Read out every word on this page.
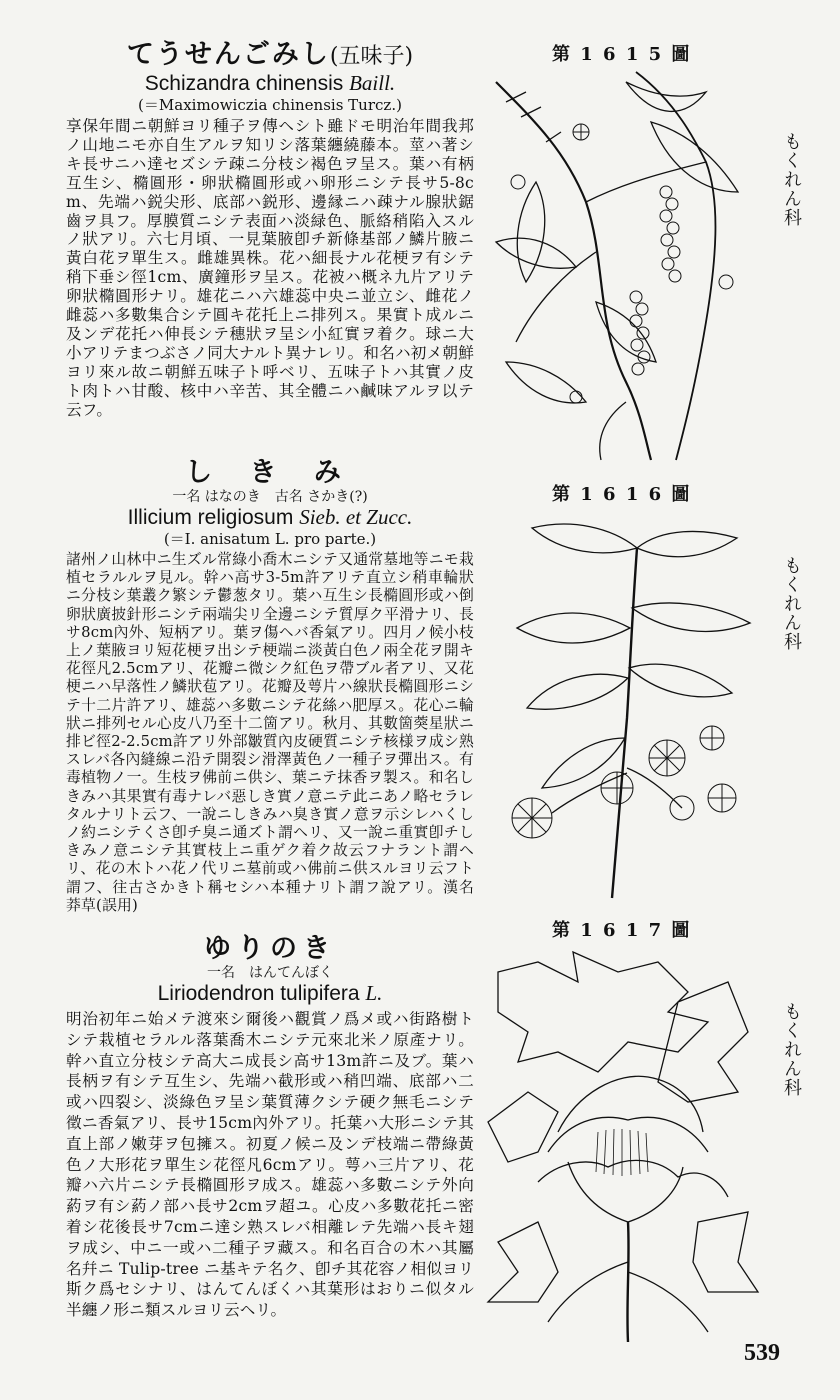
てうせんごみし(五味子)
Schizandra chinensis Baill.
(＝Maximowiczia chinensis Turcz.)
享保年間ニ朝鮮ヨリ種子ヲ傳ヘシト雖ドモ明治年間我邦ノ山地ニモ亦自生アルヲ知リシ落葉纏繞藤本。莖ハ著シキ長サニハ達セズシテ疎ニ分枝シ褐色ヲ呈ス。葉ハ有柄互生シ、橢圓形・卵狀橢圓形或ハ卵形ニシテ長サ5-8cm、先端ハ鋭尖形、底部ハ鋭形、邊縁ニハ疎ナル腺狀鋸齒ヲ具フ。厚膜質ニシテ表面ハ淡緑色、脈絡稍陷入スルノ狀アリ。六七月頃、一見葉腋卽チ新條基部ノ鱗片腋ニ黃白花ヲ單生ス。雌雄異株。花ハ細長ナル花梗ヲ有シテ稍下垂シ徑1cm、廣鐘形ヲ呈ス。花被ハ概ネ九片アリテ卵狀橢圓形ナリ。雄花ニハ六雄蕊中央ニ並立シ、雌花ノ雌蕊ハ多數集合シテ圓キ花托上ニ排列ス。果實ト成ルニ及ンデ花托ハ伸長シテ穗狀ヲ呈シ小紅實ヲ着ク。球ニ大小アリテまつぶさノ同大ナルト異ナレリ。和名ハ初メ朝鮮ヨリ來ル故ニ朝鮮五味子ト呼ベリ、五味子トハ其實ノ皮ト肉トハ甘酸、核中ハ辛苦、其全體ニハ鹹味アルヲ以テ云フ。
し き み
一名 はなのき　古名 さかき(?)
Illicium religiosum Sieb. et Zucc.
(＝I. anisatum L. pro parte.)
諸州ノ山林中ニ生ズル常綠小喬木ニシテ又通常墓地等ニモ栽植セラルルヲ見ル。幹ハ高サ3-5m許アリテ直立シ稍車輪狀ニ分枝シ葉叢ク繁シテ鬱葱タリ。葉ハ互生シ長橢圓形或ハ倒卵狀廣披針形ニシテ兩端尖リ全邊ニシテ質厚ク平滑ナリ、長サ8cm內外、短柄アリ。葉ヲ傷ヘバ香氣アリ。四月ノ候小枝上ノ葉腋ヨリ短花梗ヲ出シテ梗端ニ淡黃白色ノ兩全花ヲ開キ花徑凡2.5cmアリ、花瓣ニ微シク紅色ヲ帶ブル者アリ、又花梗ニハ早落性ノ鱗狀苞アリ。花瓣及萼片ハ線狀長橢圓形ニシテ十二片許アリ、雄蕊ハ多數ニシテ花絲ハ肥厚ス。花心ニ輪狀ニ排列セル心皮八乃至十二箇アリ。秋月、其數箇葖星狀ニ排ビ徑2-2.5cm許アリ外部皺質內皮硬質ニシテ核様ヲ成シ熟スレバ各內縫線ニ沿テ開裂シ滑澤黃色ノ一種子ヲ彈出ス。有毒植物ノ一。生枝ヲ佛前ニ供シ、葉ニテ抹香ヲ製ス。和名しきみハ其果實有毒ナレバ惡しき實ノ意ニテ此ニあノ略セラレタルナリト云フ、一說ニしきみハ臭き實ノ意ヲ示シレハくしノ約ニシテくさ卽チ臭ニ通ズト謂ヘリ、又一說ニ重實卽チしきみノ意ニシテ其實枝上ニ重ゲク着ク故云フナラント謂ヘリ、花の木トハ花ノ代リニ墓前或ハ佛前ニ供スルヨリ云フト謂フ、往古さかきト稱セシハ本種ナリト謂フ說アリ。漢名　莽草(誤用)
ゆりのき
一名　はんてんぼく
Liriodendron tulipifera L.
明治初年ニ始メテ渡來シ爾後ハ觀賞ノ爲メ或ハ街路樹トシテ栽植セラルル落葉喬木ニシテ元來北米ノ原產ナリ。幹ハ直立分枝シテ高大ニ成長シ高サ13m許ニ及ブ。葉ハ長柄ヲ有シテ互生シ、先端ハ截形或ハ稍凹端、底部ハ二或ハ四裂シ、淡綠色ヲ呈シ葉質薄クシテ硬ク無毛ニシテ徵ニ香氣アリ、長サ15cm內外アリ。托葉ハ大形ニシテ其直上部ノ嫩芽ヲ包擁ス。初夏ノ候ニ及ンデ枝端ニ帶綠黃色ノ大形花ヲ單生シ花徑凡6cmアリ。萼ハ三片アリ、花瓣ハ六片ニシテ長橢圓形ヲ成ス。雄蕊ハ多數ニシテ外向葯ヲ有シ葯ノ部ハ長サ2cmヲ超ユ。心皮ハ多數花托ニ密着シ花後長サ7cmニ達シ熟スレバ相離レテ先端ハ長キ翅ヲ成シ、中ニ一或ハ二種子ヲ藏ス。和名百合の木ハ其屬名幷ニ Tulip-tree ニ基キテ名ク、卽チ其花容ノ相似ヨリ斯ク爲セシナリ、はんてんぼくハ其葉形はおりニ似タル半纏ノ形ニ類スルヨリ云ヘリ。
第 1 6 1 5 圖
もくれん科
第 1 6 1 6 圖
もくれん科
第 1 6 1 7 圖
もくれん科
539
